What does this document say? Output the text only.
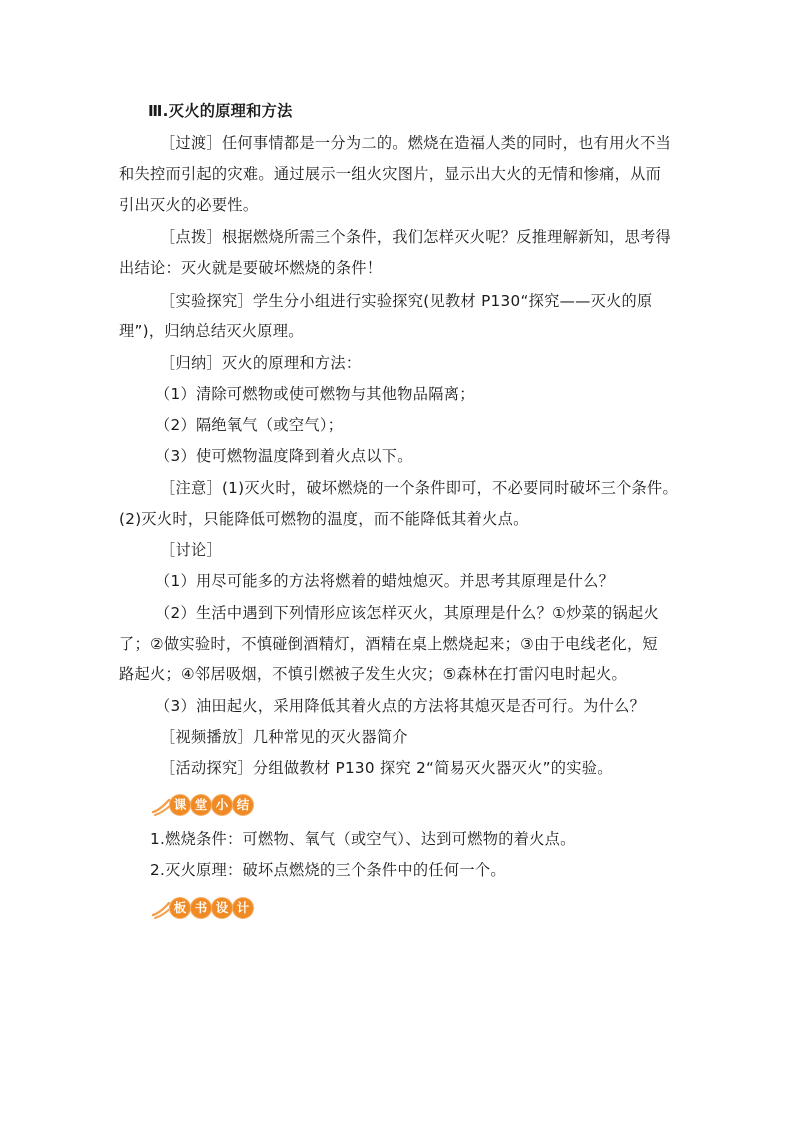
Ⅲ.灭火的原理和方法
［过渡］任何事情都是一分为二的。燃烧在造福人类的同时，也有用火不当
和失控而引起的灾难。通过展示一组火灾图片，显示出大火的无情和惨痛，从而
引出灭火的必要性。
［点拨］根据燃烧所需三个条件，我们怎样灭火呢？反推理解新知，思考得
出结论：灭火就是要破坏燃烧的条件！
［实验探究］学生分小组进行实验探究(见教材 P130“探究——灭火的原
理”)，归纳总结灭火原理。
［归纳］灭火的原理和方法：
（1）清除可燃物或使可燃物与其他物品隔离；
（2）隔绝氧气（或空气）；
（3）使可燃物温度降到着火点以下。
［注意］(1)灭火时，破坏燃烧的一个条件即可，不必要同时破坏三个条件。
(2)灭火时，只能降低可燃物的温度，而不能降低其着火点。
［讨论］
（1）用尽可能多的方法将燃着的蜡烛熄灭。并思考其原理是什么？
（2）生活中遇到下列情形应该怎样灭火，其原理是什么？①炒菜的锅起火
了；②做实验时，不慎碰倒酒精灯，酒精在桌上燃烧起来；③由于电线老化，短
路起火；④邻居吸烟，不慎引燃被子发生火灾；⑤森林在打雷闪电时起火。
（3）油田起火，采用降低其着火点的方法将其熄灭是否可行。为什么？
［视频播放］几种常见的灭火器简介
［活动探究］分组做教材 P130 探究 2“简易灭火器灭火”的实验。
课 堂 小 结
1.燃烧条件：可燃物、氧气（或空气）、达到可燃物的着火点。
2.灭火原理：破坏点燃烧的三个条件中的任何一个。
板 书 设 计
